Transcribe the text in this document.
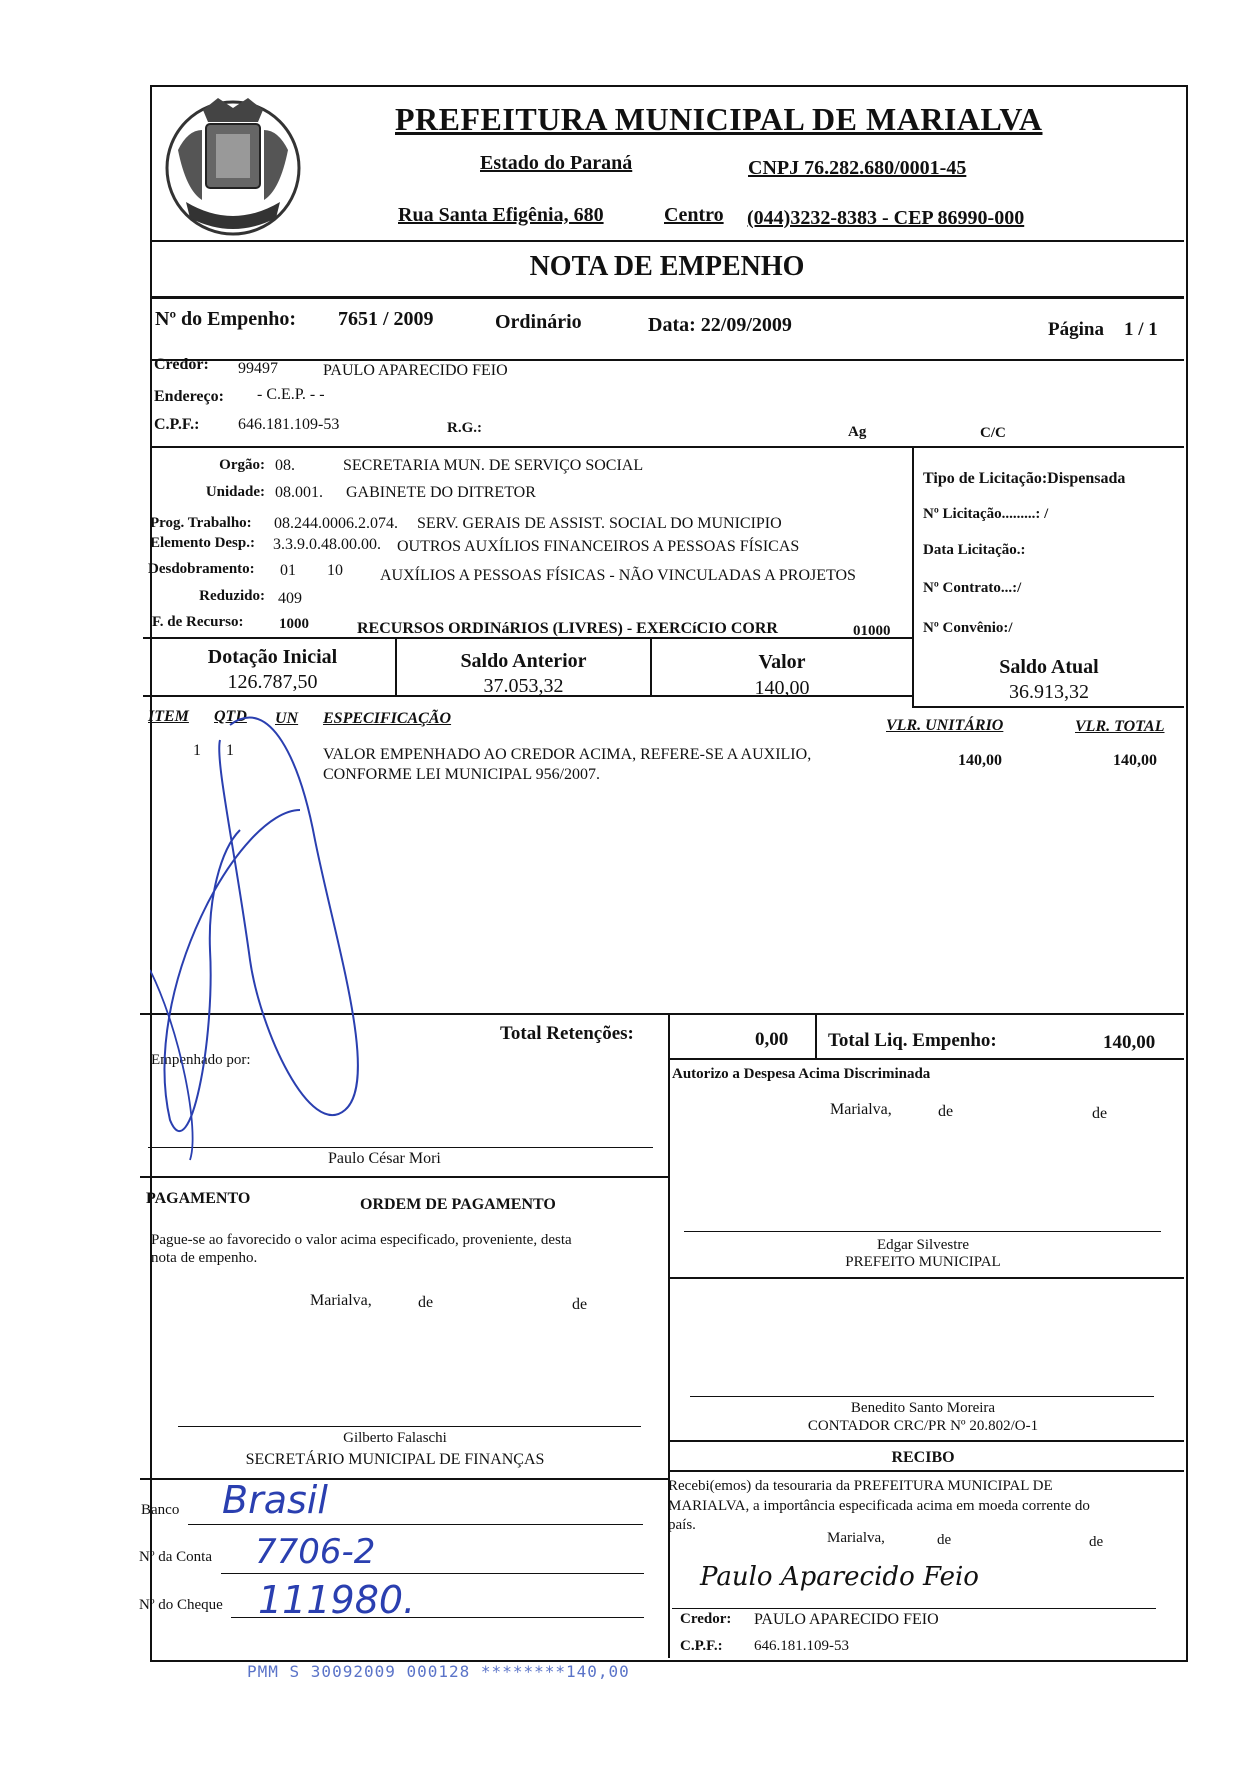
PREFEITURA MUNICIPAL DE MARIALVA
Estado do Paraná	CNPJ 76.282.680/0001-45
Rua Santa Efigênia, 680	Centro (044)3232-8383 - CEP 86990-000
NOTA DE EMPENHO
Nº do Empenho: 7651 / 2009	Ordinário	Data: 22/09/2009	Página 1 / 1
Credor: 99497	PAULO APARECIDO FEIO
Endereço: - C.E.P. - -
C.P.F.: 646.181.109-53	R.G.:	Ag	C/C
Orgão: 08.	SECRETARIA MUN. DE SERVIÇO SOCIAL
Unidade: 08.001. GABINETE DO DITRETOR
Prog. Trabalho: 08.244.0006.2.074. SERV. GERAIS DE ASSIST. SOCIAL DO MUNICIPIO
Elemento Desp.: 3.3.9.0.48.00.00. OUTROS AUXÍLIOS FINANCEIROS A PESSOAS FÍSICAS
Desdobramento: 01 10 AUXÍLIOS A PESSOAS FÍSICAS - NÃO VINCULADAS A PROJETOS
Reduzido: 409
F. de Recurso: 1000	RECURSOS ORDINáRIOS (LIVRES) - EXERCíCIO CORR	01000
Tipo de Licitação:Dispensada
Nº Licitação.........: /
Data Licitação.:
Nº Contrato...:/
Nº Convênio:/
Dotação Inicial
126.787,50
Saldo Anterior
37.053,32
Valor
140,00
Saldo Atual
36.913,32
ITEM QTD UN ESPECIFICAÇÃO	VLR. UNITÁRIO	VLR. TOTAL
1 1	VALOR EMPENHADO AO CREDOR ACIMA, REFERE-SE A AUXILIO,
CONFORME LEI MUNICIPAL 956/2007.
140,00	140,00
Total Retenções:	0,00 Total Liq. Empenho:	140,00
Empenhado por:
Paulo César Mori
Autorizo a Despesa Acima Discriminada
Marialva,	de	de
Edgar Silvestre
PREFEITO MUNICIPAL
PAGAMENTO	ORDEM DE PAGAMENTO
Pague-se ao favorecido o valor acima especificado, proveniente, desta
nota de empenho.
Marialva,	de	de
Gilberto Falaschi
SECRETÁRIO MUNICIPAL DE FINANÇAS
Banco Brasil
Nº da Conta 7706-2
Nº do Cheque 111980.
Benedito Santo Moreira
CONTADOR CRC/PR Nº 20.802/O-1
RECIBO
Recebi(emos) da tesouraria da PREFEITURA MUNICIPAL DE
MARIALVA, a importância especificada acima em moeda corrente do
país.
Marialva,	de	de
Paulo Aparecido Feio
Credor: PAULO APARECIDO FEIO
C.P.F.: 646.181.109-53
PMM S 30092009 000128 ********140,00
